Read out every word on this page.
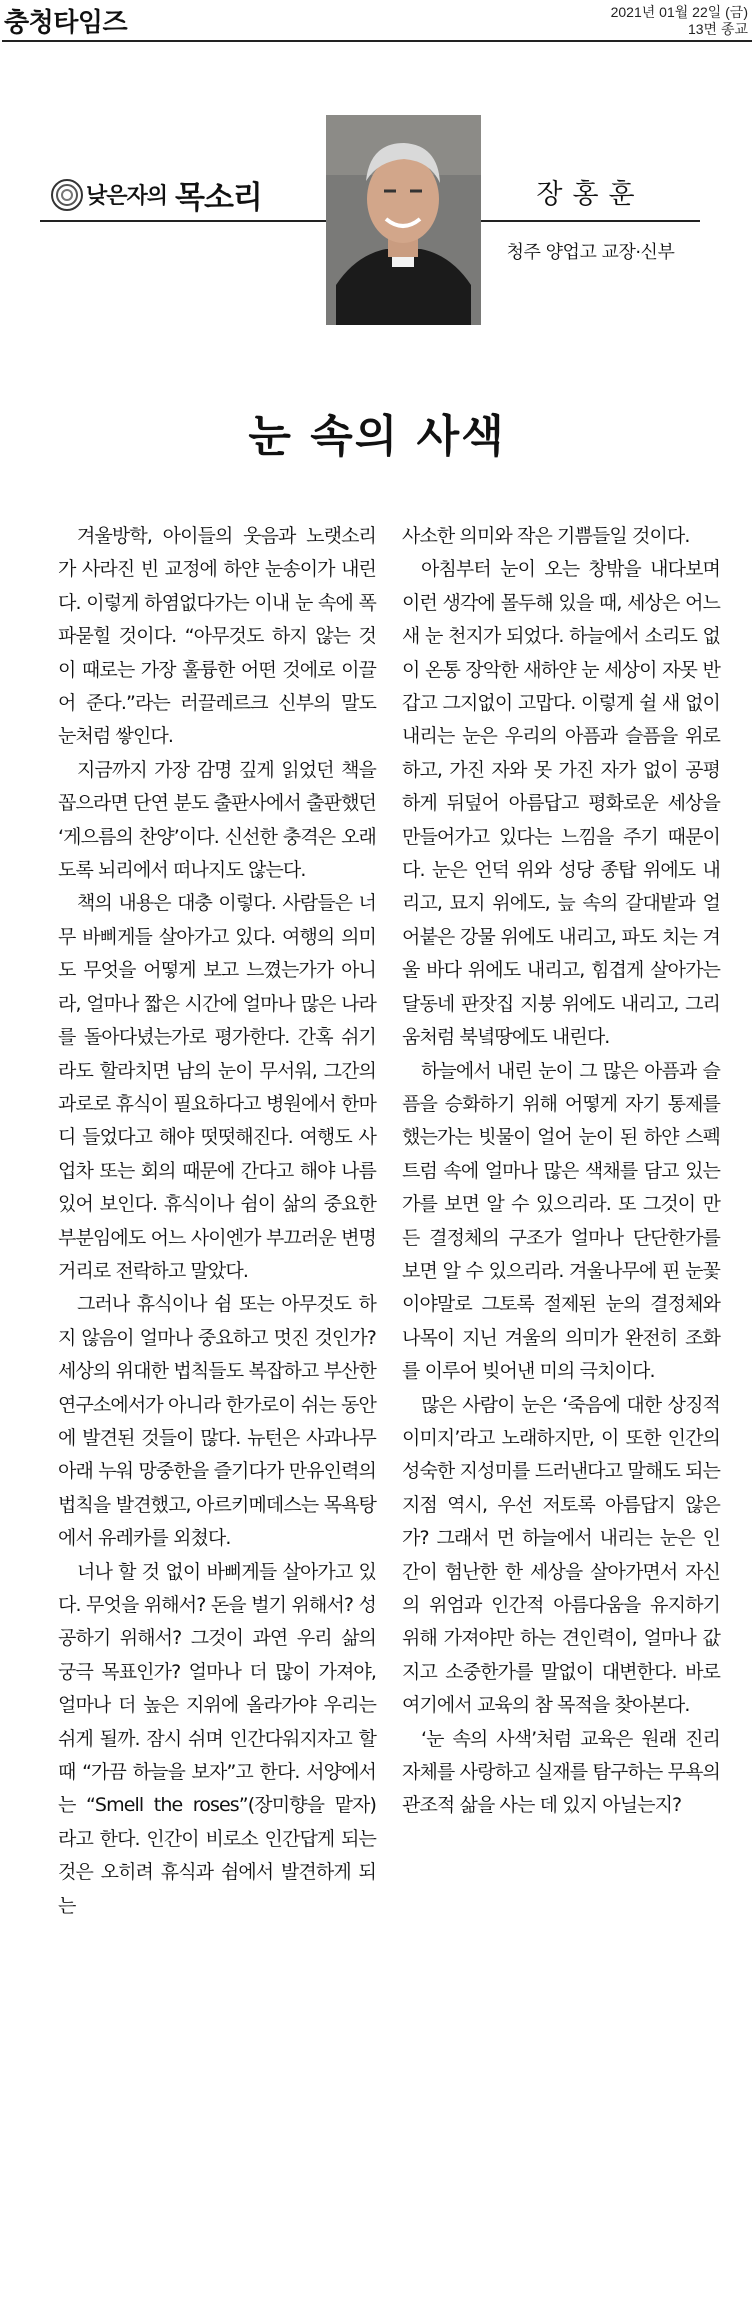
충청타임즈	2021년 01월 22일 (금)
13면 종교
낮은자의 목소리	장홍훈
청주 양업고 교장·신부
눈 속의 사색

겨울방학, 아이들의 웃음과 노랫소리가 사라진 빈 교정에 하얀 눈송이가 내린다. 이렇게 하염없다가는 이내 눈 속에 폭 파묻힐 것이다. “아무것도 하지 않는 것이 때로는 가장 훌륭한 어떤 것에로 이끌어 준다.”라는 러끌레르크 신부의 말도 눈처럼 쌓인다.

지금까지 가장 감명 깊게 읽었던 책을 꼽으라면 단연 분도 출판사에서 출판했던 ‘게으름의 찬양’이다. 신선한 충격은 오래도록 뇌리에서 떠나지도 않는다.

책의 내용은 대충 이렇다. 사람들은 너무 바삐게들 살아가고 있다. 여행의 의미도 무엇을 어떻게 보고 느꼈는가가 아니라, 얼마나 짧은 시간에 얼마나 많은 나라를 돌아다녔는가로 평가한다. 간혹 쉬기라도 할라치면 남의 눈이 무서워, 그간의 과로로 휴식이 필요하다고 병원에서 한마디 들었다고 해야 떳떳해진다. 여행도 사업차 또는 회의 때문에 간다고 해야 나름 있어 보인다. 휴식이나 쉼이 삶의 중요한 부분임에도 어느 사이엔가 부끄러운 변명거리로 전락하고 말았다.

그러나 휴식이나 쉼 또는 아무것도 하지 않음이 얼마나 중요하고 멋진 것인가? 세상의 위대한 법칙들도 복잡하고 부산한 연구소에서가 아니라 한가로이 쉬는 동안에 발견된 것들이 많다. 뉴턴은 사과나무 아래 누워 망중한을 즐기다가 만유인력의 법칙을 발견했고, 아르키메데스는 목욕탕에서 유레카를 외쳤다.

너나 할 것 없이 바삐게들 살아가고 있다. 무엇을 위해서? 돈을 벌기 위해서? 성공하기 위해서? 그것이 과연 우리 삶의 궁극 목표인가? 얼마나 더 많이 가져야, 얼마나 더 높은 지위에 올라가야 우리는 쉬게 될까. 잠시 쉬며 인간다워지자고 할 때 “가끔 하늘을 보자”고 한다. 서양에서는 “Smell the roses”(장미향을 맡자) 라고 한다. 인간이 비로소 인간답게 되는 것은 오히려 휴식과 쉼에서 발견하게 되는

사소한 의미와 작은 기쁨들일 것이다.

아침부터 눈이 오는 창밖을 내다보며 이런 생각에 몰두해 있을 때, 세상은 어느새 눈 천지가 되었다. 하늘에서 소리도 없이 온통 장악한 새하얀 눈 세상이 자못 반갑고 그지없이 고맙다. 이렇게 쉴 새 없이 내리는 눈은 우리의 아픔과 슬픔을 위로하고, 가진 자와 못 가진 자가 없이 공평하게 뒤덮어 아름답고 평화로운 세상을 만들어가고 있다는 느낌을 주기 때문이다. 눈은 언덕 위와 성당 종탑 위에도 내리고, 묘지 위에도, 늪 속의 갈대밭과 얼어붙은 강물 위에도 내리고, 파도 치는 겨울 바다 위에도 내리고, 힘겹게 살아가는 달동네 판잣집 지붕 위에도 내리고, 그리움처럼 북녘땅에도 내린다.

하늘에서 내린 눈이 그 많은 아픔과 슬픔을 승화하기 위해 어떻게 자기 통제를 했는가는 빗물이 얼어 눈이 된 하얀 스펙트럼 속에 얼마나 많은 색채를 담고 있는가를 보면 알 수 있으리라. 또 그것이 만든 결정체의 구조가 얼마나 단단한가를 보면 알 수 있으리라. 겨울나무에 핀 눈꽃이야말로 그토록 절제된 눈의 결정체와 나목이 지닌 겨울의 의미가 완전히 조화를 이루어 빚어낸 미의 극치이다.

많은 사람이 눈은 ‘죽음에 대한 상징적 이미지’라고 노래하지만, 이 또한 인간의 성숙한 지성미를 드러낸다고 말해도 되는 지점 역시, 우선 저토록 아름답지 않은가? 그래서 먼 하늘에서 내리는 눈은 인간이 험난한 한 세상을 살아가면서 자신의 위엄과 인간적 아름다움을 유지하기 위해 가져야만 하는 견인력이, 얼마나 값지고 소중한가를 말없이 대변한다. 바로 여기에서 교육의 참 목적을 찾아본다.

‘눈 속의 사색’처럼 교육은 원래 진리 자체를 사랑하고 실재를 탐구하는 무욕의 관조적 삶을 사는 데 있지 아닐는지?
